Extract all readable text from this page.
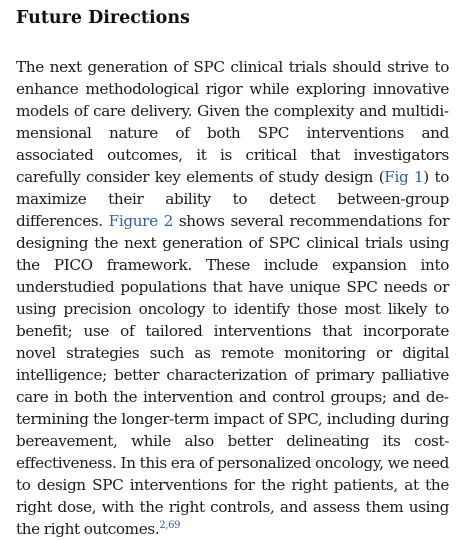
Future Directions

The next generation of SPC clinical trials should strive to enhance methodological rigor while exploring innovative models of care delivery. Given the complexity and multidimensional nature of both SPC interventions and associated outcomes, it is critical that investigators carefully consider key elements of study design (Fig 1) to maximize their ability to detect between-group differences. Figure 2 shows several recommendations for designing the next generation of SPC clinical trials using the PICO framework. These include expansion into understudied populations that have unique SPC needs or using precision oncology to identify those most likely to benefit; use of tailored interventions that incorporate novel strategies such as remote monitoring or digital intelligence; better characterization of primary palliative care in both the intervention and control groups; and determining the longer-term impact of SPC, including during bereavement, while also better delineating its cost-effectiveness. In this era of personalized oncology, we need to design SPC interventions for the right patients, at the right dose, with the right controls, and assess them using the right outcomes.$^{2,69}$
